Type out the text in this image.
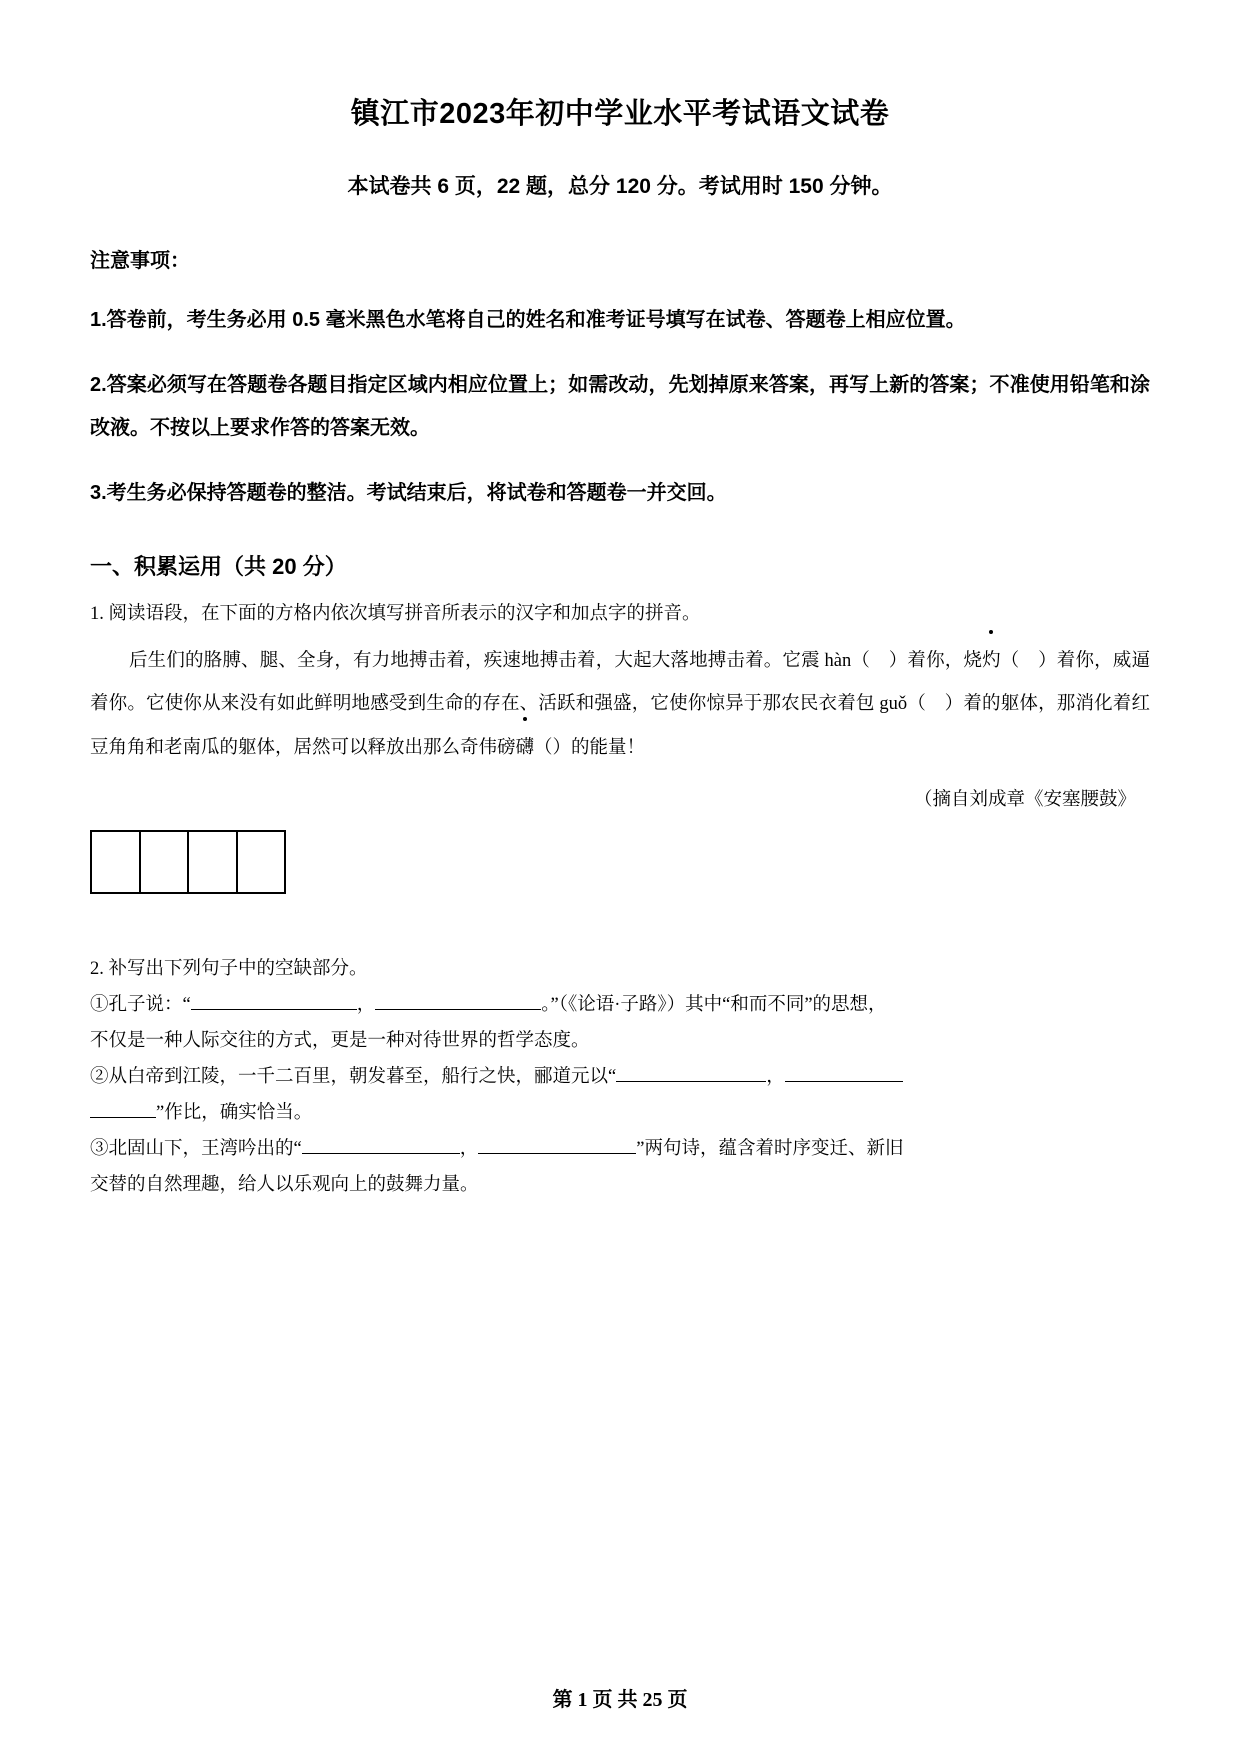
镇江市2023年初中学业水平考试语文试卷
本试卷共 6 页，22 题，总分 120 分。考试用时 150 分钟。
注意事项：
1.答卷前，考生务必用 0.5 毫米黑色水笔将自己的姓名和准考证号填写在试卷、答题卷上相应位置。
2.答案必须写在答题卷各题目指定区域内相应位置上；如需改动，先划掉原来答案，再写上新的答案；不准使用铅笔和涂改液。不按以上要求作答的答案无效。
3.考生务必保持答题卷的整洁。考试结束后，将试卷和答题卷一并交回。
一、积累运用（共 20 分）
1. 阅读语段，在下面的方格内依次填写拼音所表示的汉字和加点字的拼音。
后生们的胳膊、腿、全身，有力地搏击着，疾速地搏击着，大起大落地搏击着。它震 hàn（　）着你，烧灼（　）着你，威逼着你。它使你从来没有如此鲜明地感受到生命的存在、活跃和强盛，它使你惊异于那农民衣着包 guǒ（　）着的躯体，那消化着红豆角角和老南瓜的躯体，居然可以释放出那么奇伟磅礴（）的能量！
（摘自刘成章《安塞腰鼓》
2. 补写出下列句子中的空缺部分。
①孔子说：“	，	。”（《论语·子路》）其中“和而不同”的思想，
不仅是一种人际交往的方式，更是一种对待世界的哲学态度。
②从白帝到江陵，一千二百里，朝发暮至，船行之快，郦道元以“	，
”作比，确实恰当。
③北固山下，王湾吟出的“	，	”两句诗，蕴含着时序变迁、新旧
交替的自然理趣，给人以乐观向上的鼓舞力量。
第 1 页 共 25 页
